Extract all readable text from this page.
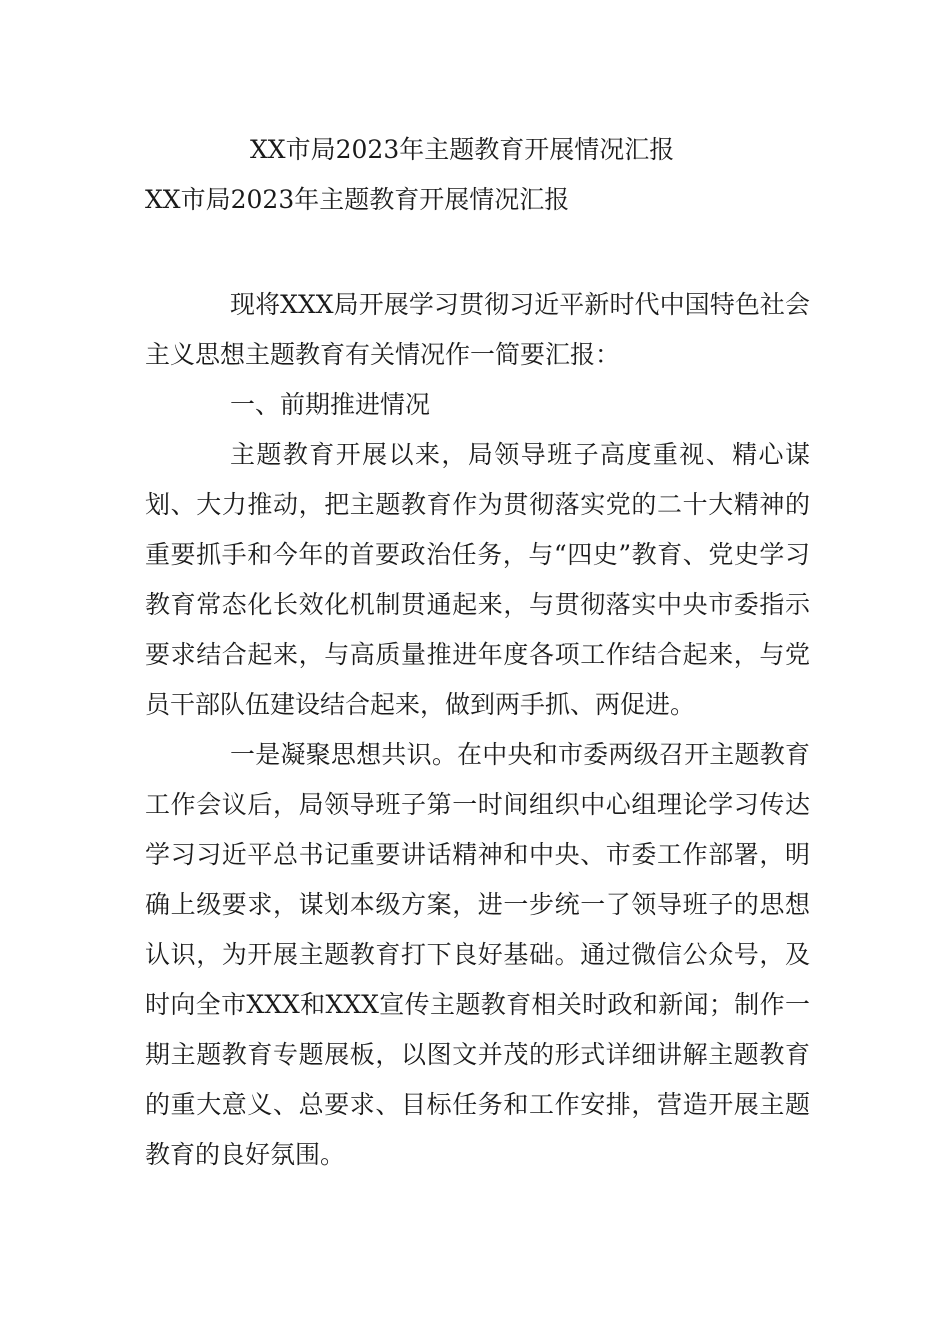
XX市局2023年主题教育开展情况汇报
XX市局2023年主题教育开展情况汇报

现将XXX局开展学习贯彻习近平新时代中国特色社会主义思想主题教育有关情况作一简要汇报：

一、前期推进情况

主题教育开展以来，局领导班子高度重视、精心谋划、大力推动，把主题教育作为贯彻落实党的二十大精神的重要抓手和今年的首要政治任务，与“四史”教育、党史学习教育常态化长效化机制贯通起来，与贯彻落实中央市委指示要求结合起来，与高质量推进年度各项工作结合起来，与党员干部队伍建设结合起来，做到两手抓、两促进。

一是凝聚思想共识。在中央和市委两级召开主题教育工作会议后，局领导班子第一时间组织中心组理论学习传达学习习近平总书记重要讲话精神和中央、市委工作部署，明确上级要求，谋划本级方案，进一步统一了领导班子的思想认识，为开展主题教育打下良好基础。通过微信公众号，及时向全市XXX和XXX宣传主题教育相关时政和新闻；制作一期主题教育专题展板，以图文并茂的形式详细讲解主题教育的重大意义、总要求、目标任务和工作安排，营造开展主题教育的良好氛围。
